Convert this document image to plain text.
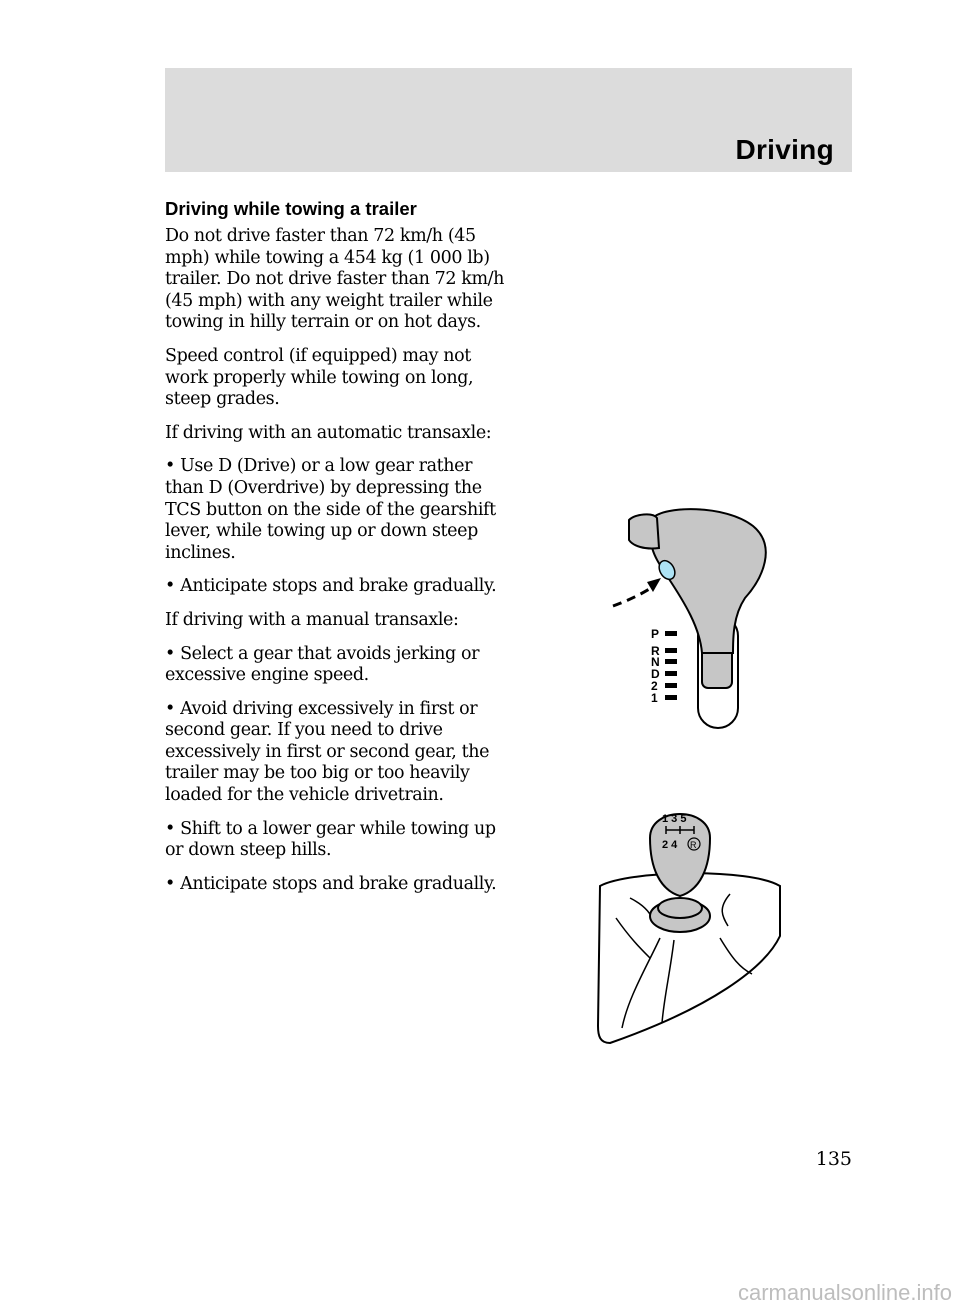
Driving
Driving while towing a trailer

Do not drive faster than 72 km/h (45 mph) while towing a 454 kg (1 000 lb) trailer. Do not drive faster than 72 km/h (45 mph) with any weight trailer while towing in hilly terrain or on hot days.

Speed control (if equipped) may not work properly while towing on long, steep grades.

If driving with an automatic transaxle:

• Use D (Drive) or a low gear rather than D (Overdrive) by depressing the TCS button on the side of the gearshift lever, while towing up or down steep inclines.

• Anticipate stops and brake gradually.

If driving with a manual transaxle:

• Select a gear that avoids jerking or excessive engine speed.

• Avoid driving excessively in first or second gear. If you need to drive excessively in first or second gear, the trailer may be too big or too heavily loaded for the vehicle drivetrain.

• Shift to a lower gear while towing up or down steep hills.

• Anticipate stops and brake gradually.

P
R
N
D
2
1
1 3 5
2 4 R
135
carmanualsonline.info
